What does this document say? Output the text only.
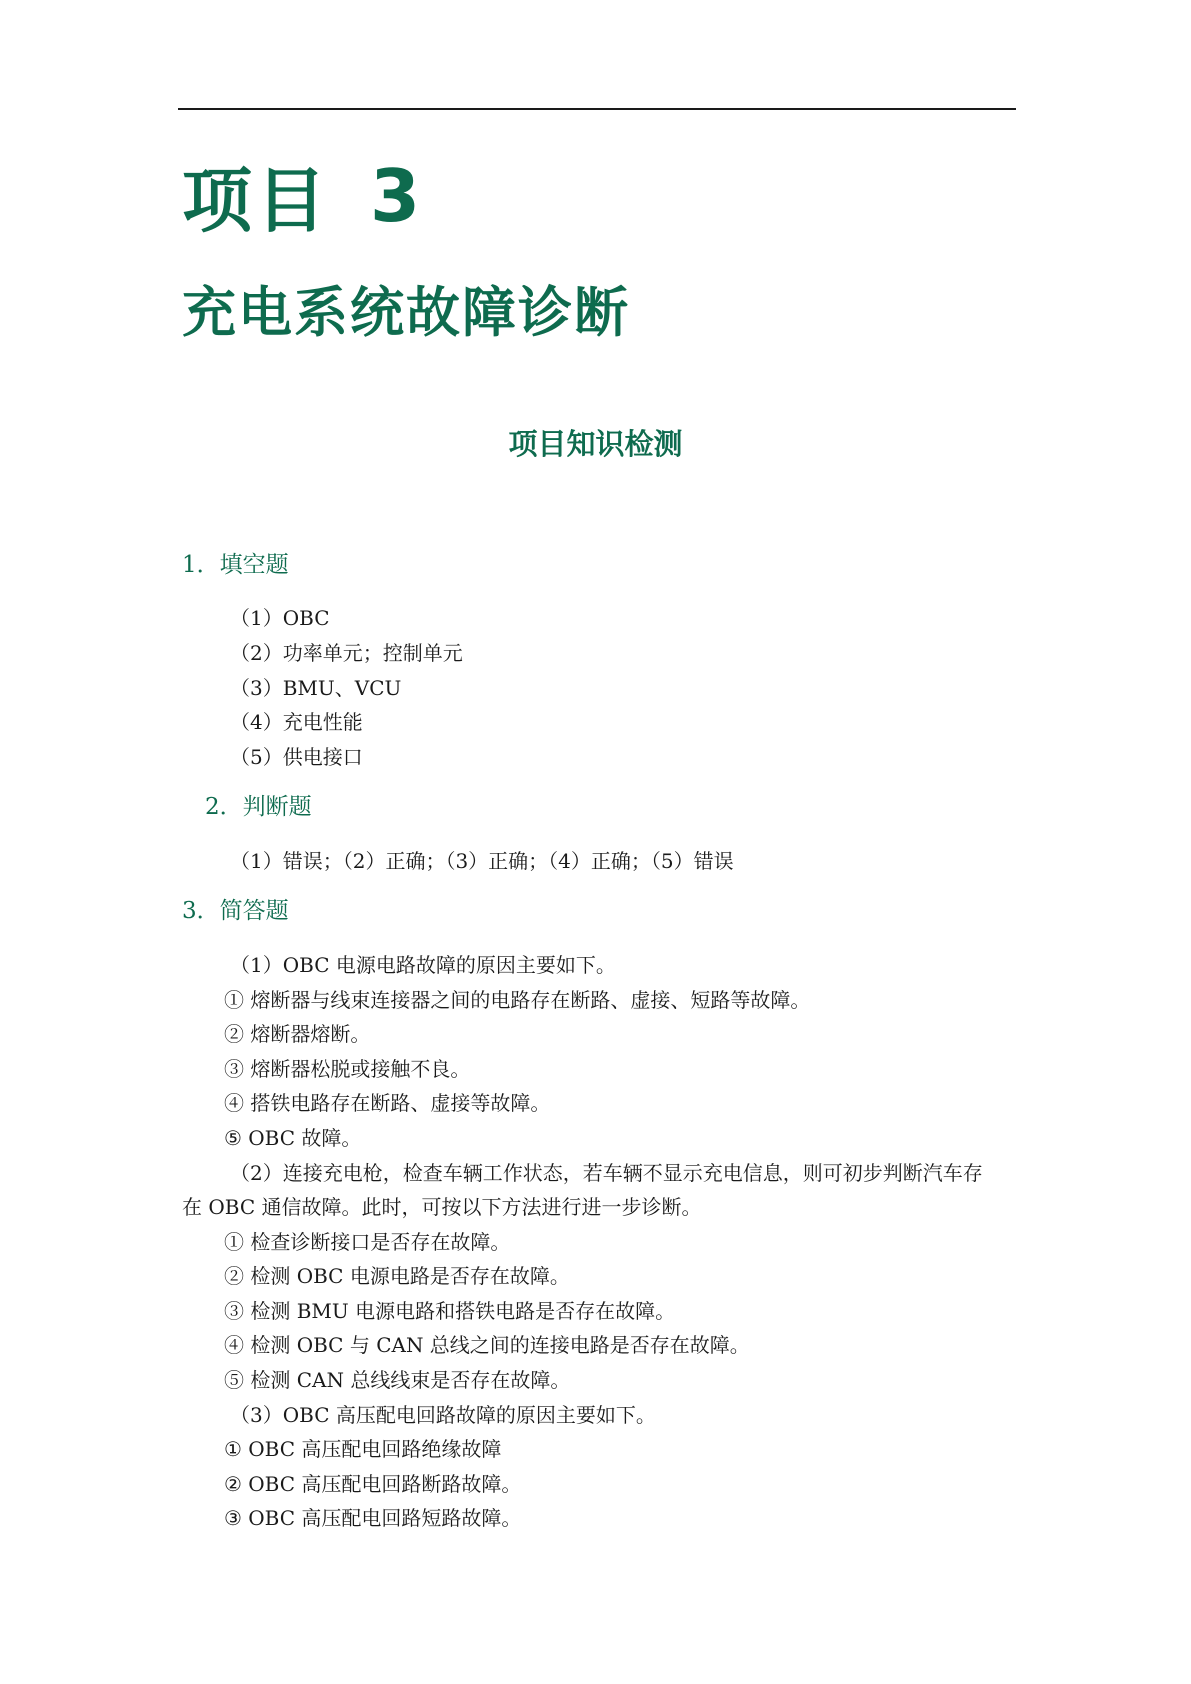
项目 3
充电系统故障诊断
项目知识检测
1．填空题
（1）OBC
（2）功率单元；控制单元
（3）BMU、VCU
（4）充电性能
（5）供电接口
2．判断题
（1）错误；（2）正确；（3）正确；（4）正确；（5）错误
3．简答题
（1）OBC 电源电路故障的原因主要如下。
① 熔断器与线束连接器之间的电路存在断路、虚接、短路等故障。
② 熔断器熔断。
③ 熔断器松脱或接触不良。
④ 搭铁电路存在断路、虚接等故障。
⑤ OBC 故障。
（2）连接充电枪，检查车辆工作状态，若车辆不显示充电信息，则可初步判断汽车存
在 OBC 通信故障。此时，可按以下方法进行进一步诊断。
① 检查诊断接口是否存在故障。
② 检测 OBC 电源电路是否存在故障。
③ 检测 BMU 电源电路和搭铁电路是否存在故障。
④ 检测 OBC 与 CAN 总线之间的连接电路是否存在故障。
⑤ 检测 CAN 总线线束是否存在故障。
（3）OBC 高压配电回路故障的原因主要如下。
① OBC 高压配电回路绝缘故障
② OBC 高压配电回路断路故障。
③ OBC 高压配电回路短路故障。
